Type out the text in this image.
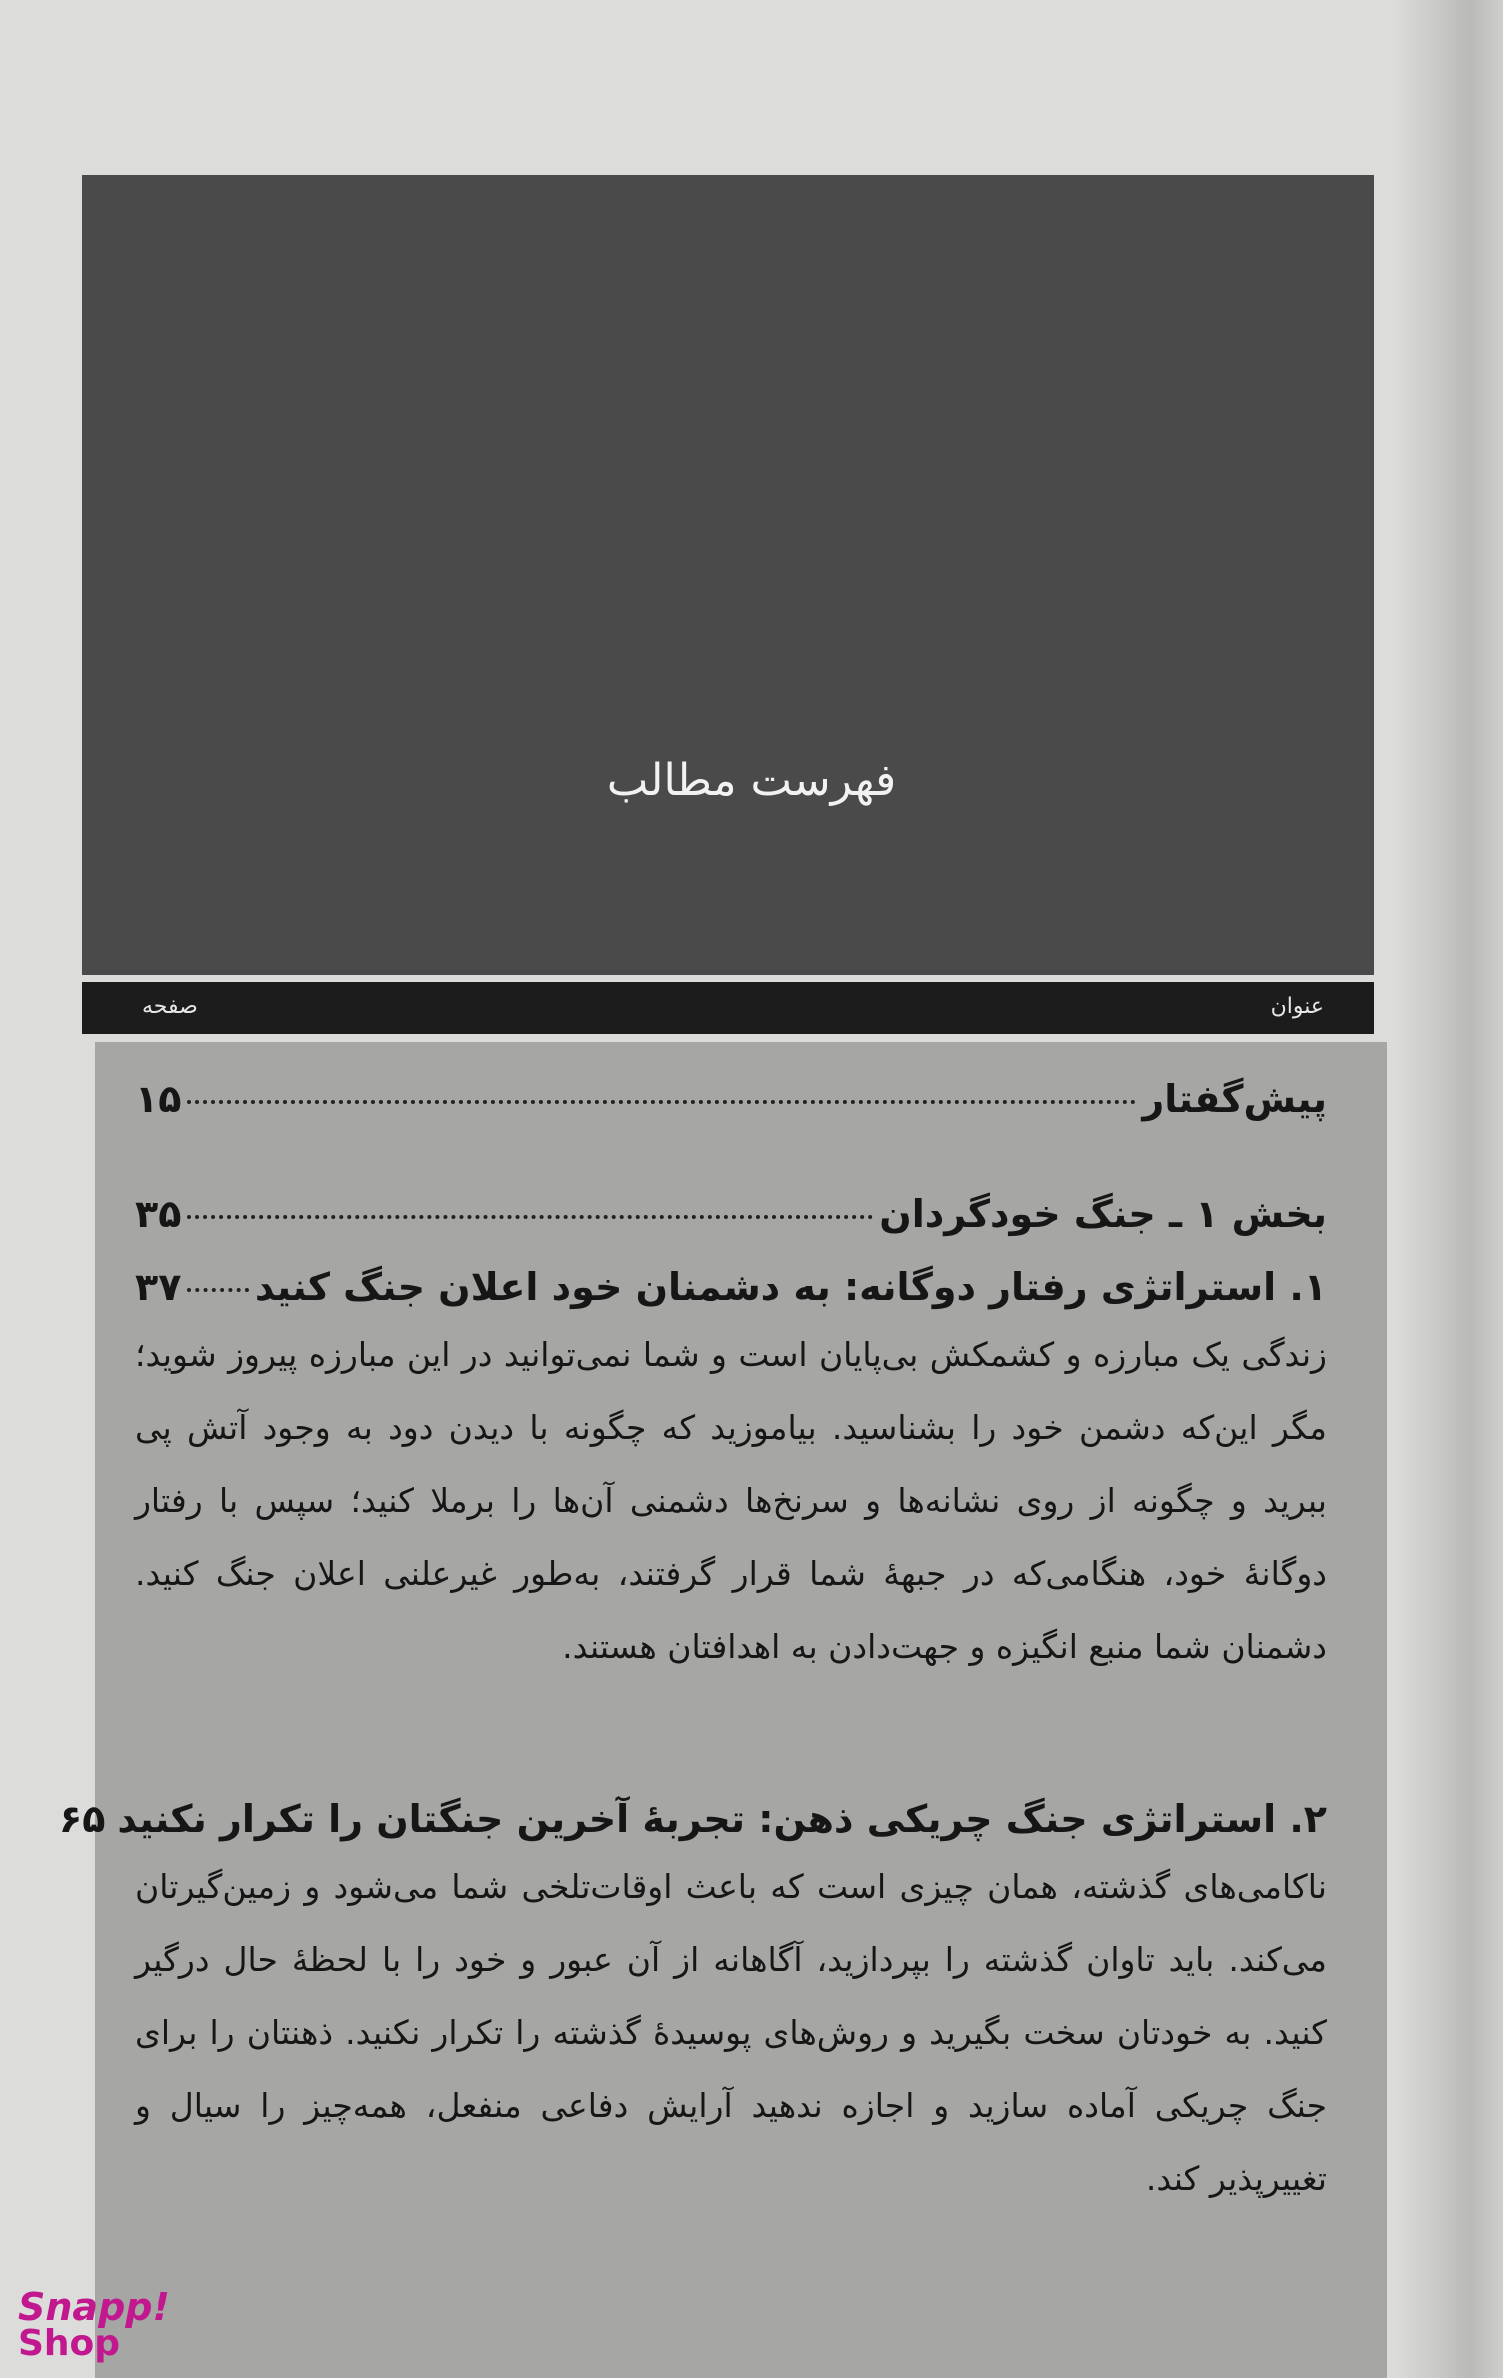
فهرست مطالب
عنوان
صفحه
پیش‌گفتار
۱۵
بخش ۱ ـ جنگ خودگردان
۳۵
۱. استراتژی رفتار دوگانه: به دشمنان خود اعلان جنگ کنید
۳۷

زندگی یک مبارزه و کشمکش بی‌پایان است و شما نمی‌توانید در این مبارزه پیروز شوید؛ مگر این‌که دشمن خود را بشناسید. بیاموزید که چگونه با دیدن دود به وجود آتش پی ببرید و چگونه از روی نشانه‌ها و سرنخ‌ها دشمنی آن‌ها را برملا کنید؛ سپس با رفتار دوگانهٔ خود، هنگامی‌که در جبههٔ شما قرار گرفتند، به‌طور غیرعلنی اعلان جنگ کنید. دشمنان شما منبع انگیزه و جهت‌دادن به اهدافتان هستند.

۲. استراتژی جنگ چریکی ذهن: تجربهٔ آخرین جنگتان را تکرار نکنید
۶۵

ناکامی‌های گذشته، همان چیزی است که باعث اوقات‌تلخی شما می‌شود و زمین‌گیرتان می‌کند. باید تاوان گذشته را بپردازید، آگاهانه از آن عبور و خود را با لحظهٔ حال درگیر کنید. به خودتان سخت بگیرید و روش‌های پوسیدهٔ گذشته را تکرار نکنید. ذهنتان را برای جنگ چریکی آماده سازید و اجازه ندهید آرایش دفاعی منفعل، همه‌چیز را سیال و تغییرپذیر کند.

Snapp!
Shop
